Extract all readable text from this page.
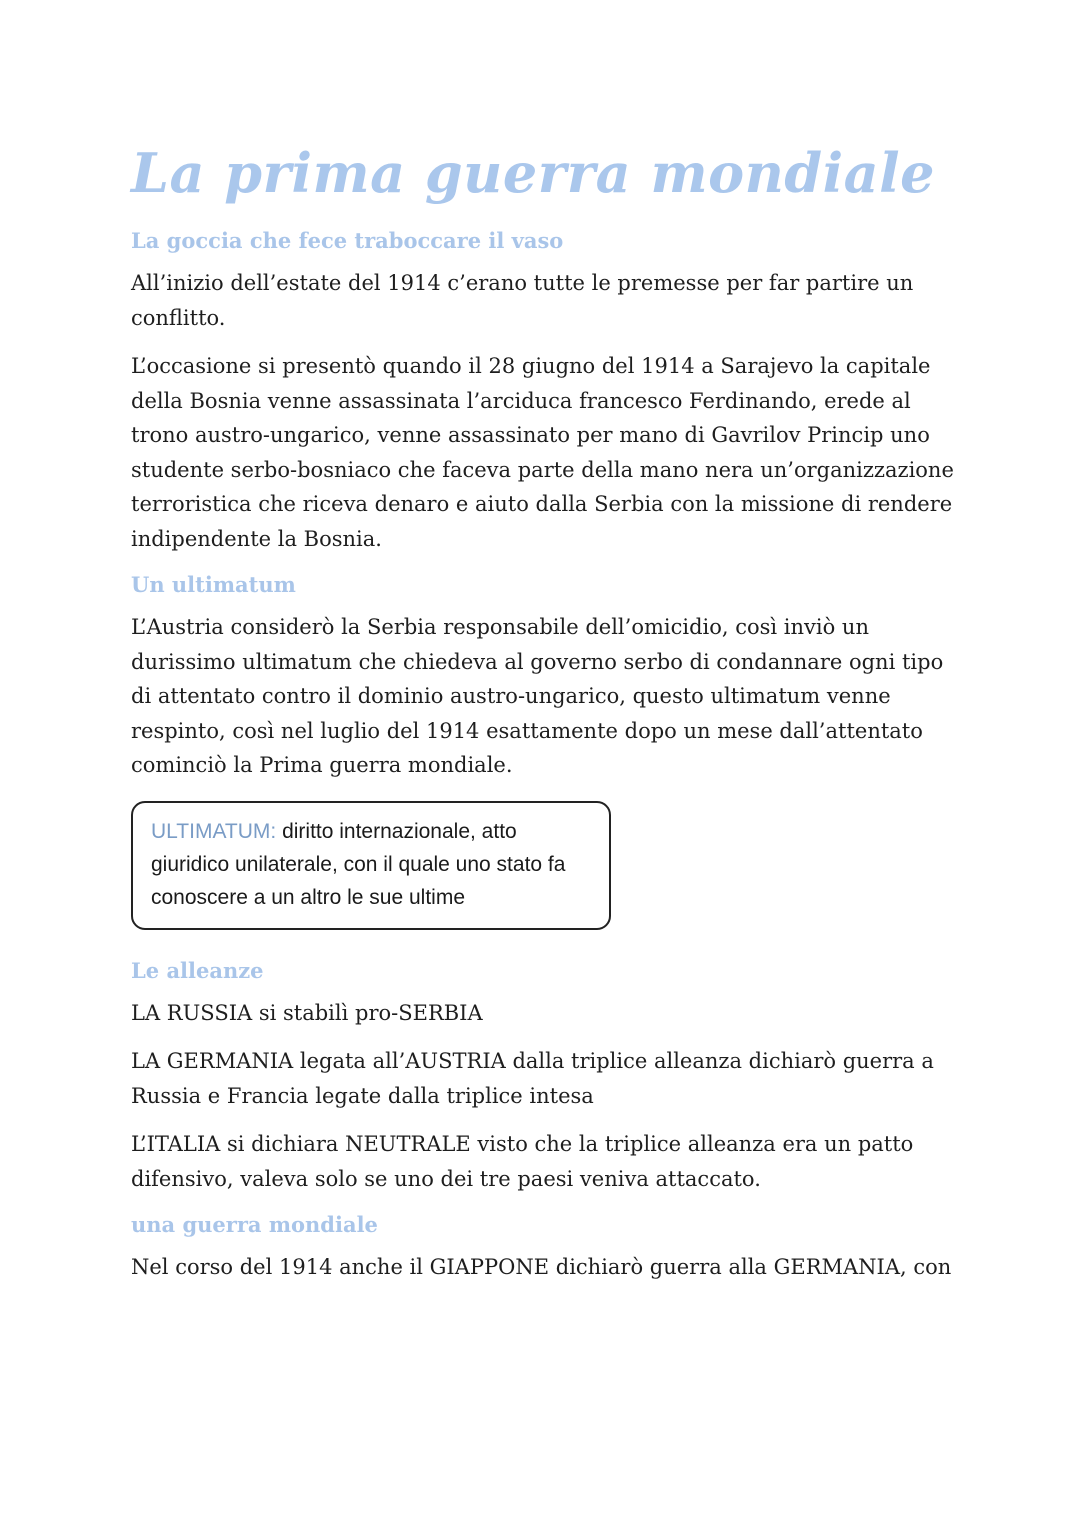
La prima guerra mondiale
La goccia che fece traboccare il vaso

All’inizio dell’estate del 1914 c’erano tutte le premesse per far partire un conflitto.

L’occasione si presentò quando il 28 giugno del 1914 a Sarajevo la capitale della Bosnia venne assassinata l’arciduca francesco Ferdinando, erede al trono austro-ungarico, venne assassinato per mano di Gavrilov Princip uno studente serbo-bosniaco che faceva parte della mano nera un’organizzazione terroristica che riceva denaro e aiuto dalla Serbia con la missione di rendere indipendente la Bosnia.

Un ultimatum

L’Austria considerò la Serbia responsabile dell’omicidio, così inviò un durissimo ultimatum che chiedeva al governo serbo di condannare ogni tipo di attentato contro il dominio austro-ungarico, questo ultimatum venne respinto, così nel luglio del 1914 esattamente dopo un mese dall’attentato cominciò la Prima guerra mondiale.

ULTIMATUM: diritto internazionale, atto giuridico unilaterale, con il quale uno stato fa conoscere a un altro le sue ultime
Le alleanze

LA RUSSIA si stabilì pro-SERBIA

LA GERMANIA legata all’AUSTRIA dalla triplice alleanza dichiarò guerra a Russia e Francia legate dalla triplice intesa

L’ITALIA si dichiara NEUTRALE visto che la triplice alleanza era un patto difensivo, valeva solo se uno dei tre paesi veniva attaccato.

una guerra mondiale

Nel corso del 1914 anche il GIAPPONE dichiarò guerra alla GERMANIA, con
